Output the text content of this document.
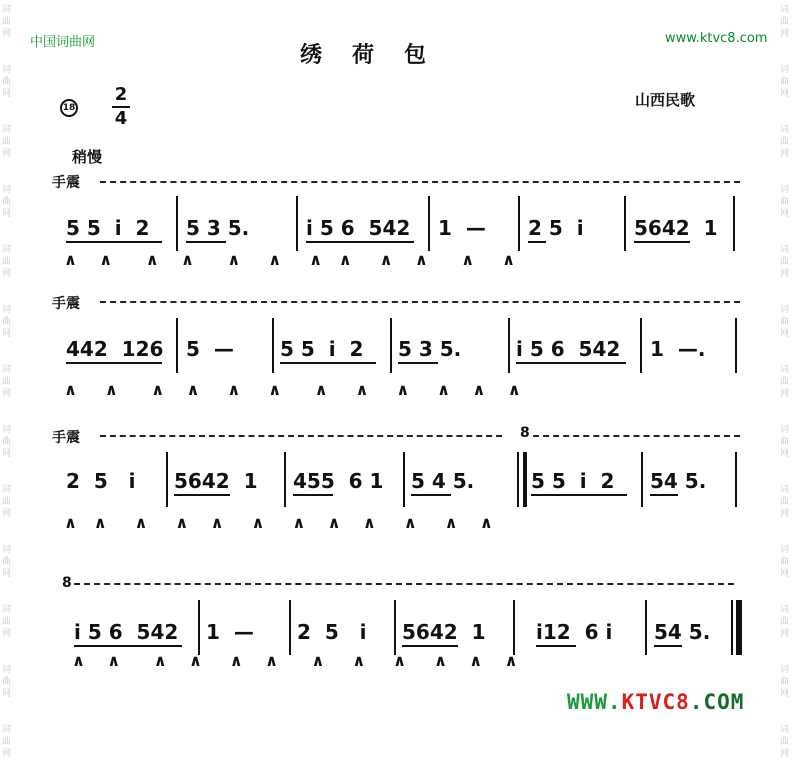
词
曲
网
词
曲
网
词
曲
网
词
曲
网
词
曲
网
词
曲
网
词
曲
网
词
曲
网
词
曲
网
词
曲
网
词
曲
网
词
曲
网
词
曲
网
词
曲
网
词
曲
网
词
曲
网
词
曲
网
词
曲
网
词
曲
网
词
曲
网
词
曲
网
词
曲
网
词
曲
网
词
曲
网
词
曲
网
词
曲
网
中国词曲网	www.ktvc8.com
绣荷包
18
2
4
山西民歌
稍慢
手震
手震
手震	8
8
5 5  i  2 5 3 5.	i 5 6  542 1  — 2 5  i	5642  1
∧    ∧      ∧    ∧      ∧     ∧     ∧   ∧     ∧    ∧      ∧     ∧
442  126 5  — 5 5  i  2 5 3 5.	i 5 6  542 1  —.
∧     ∧      ∧    ∧     ∧     ∧      ∧     ∧     ∧     ∧    ∧    ∧
2  5   i 5642  1 455  6 1 5 4 5.	5 5  i  2 54 5.
∧   ∧     ∧     ∧    ∧     ∧     ∧    ∧    ∧     ∧     ∧    ∧
i 5 6  542 1  — 2  5   i 5642  1	i12  6 i 54 5.
∧    ∧      ∧    ∧     ∧    ∧      ∧     ∧     ∧     ∧    ∧    ∧
WWW.KTVC8.COM
